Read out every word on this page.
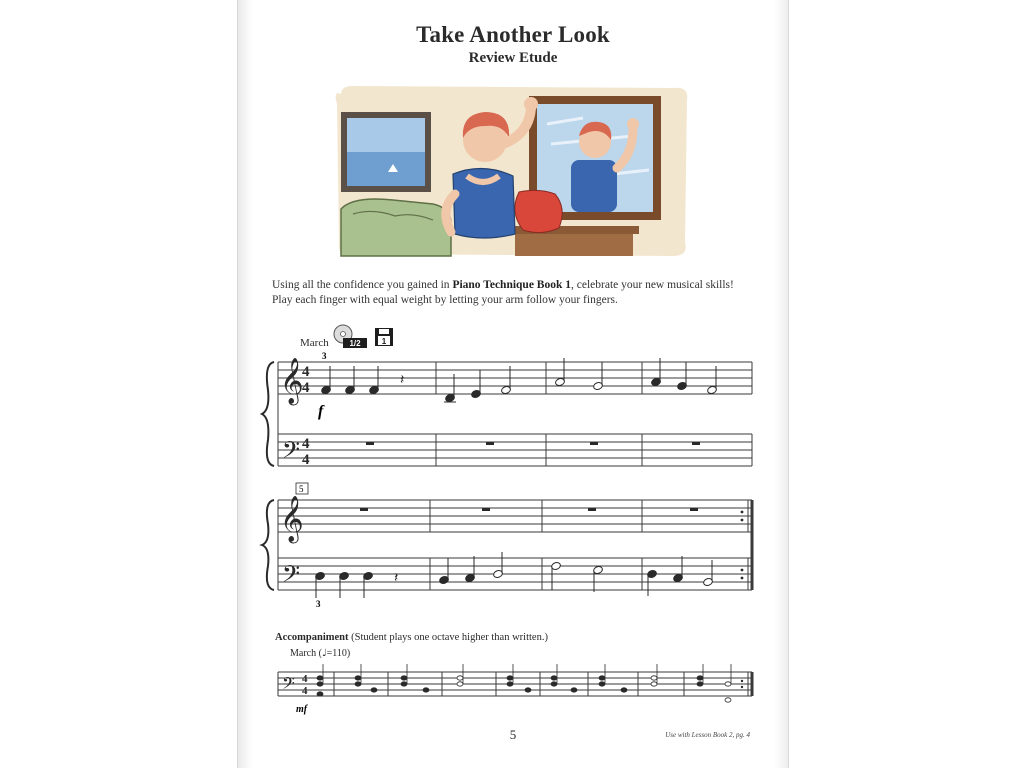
Take Another Look
Review Etude
Using all the confidence you gained in Piano Technique Book 1, celebrate your new musical skills! Play each finger with equal weight by letting your arm follow your fingers.
March	1/2	1
𝄞
𝄢
𝄞
𝄢
𝄢
4
4
4
4
4
4
3
f
3
mf
5
𝄽
𝄽
Accompaniment (Student plays one octave higher than written.)
March (♩=110)
5	Use with Lesson Book 2, pg. 4
